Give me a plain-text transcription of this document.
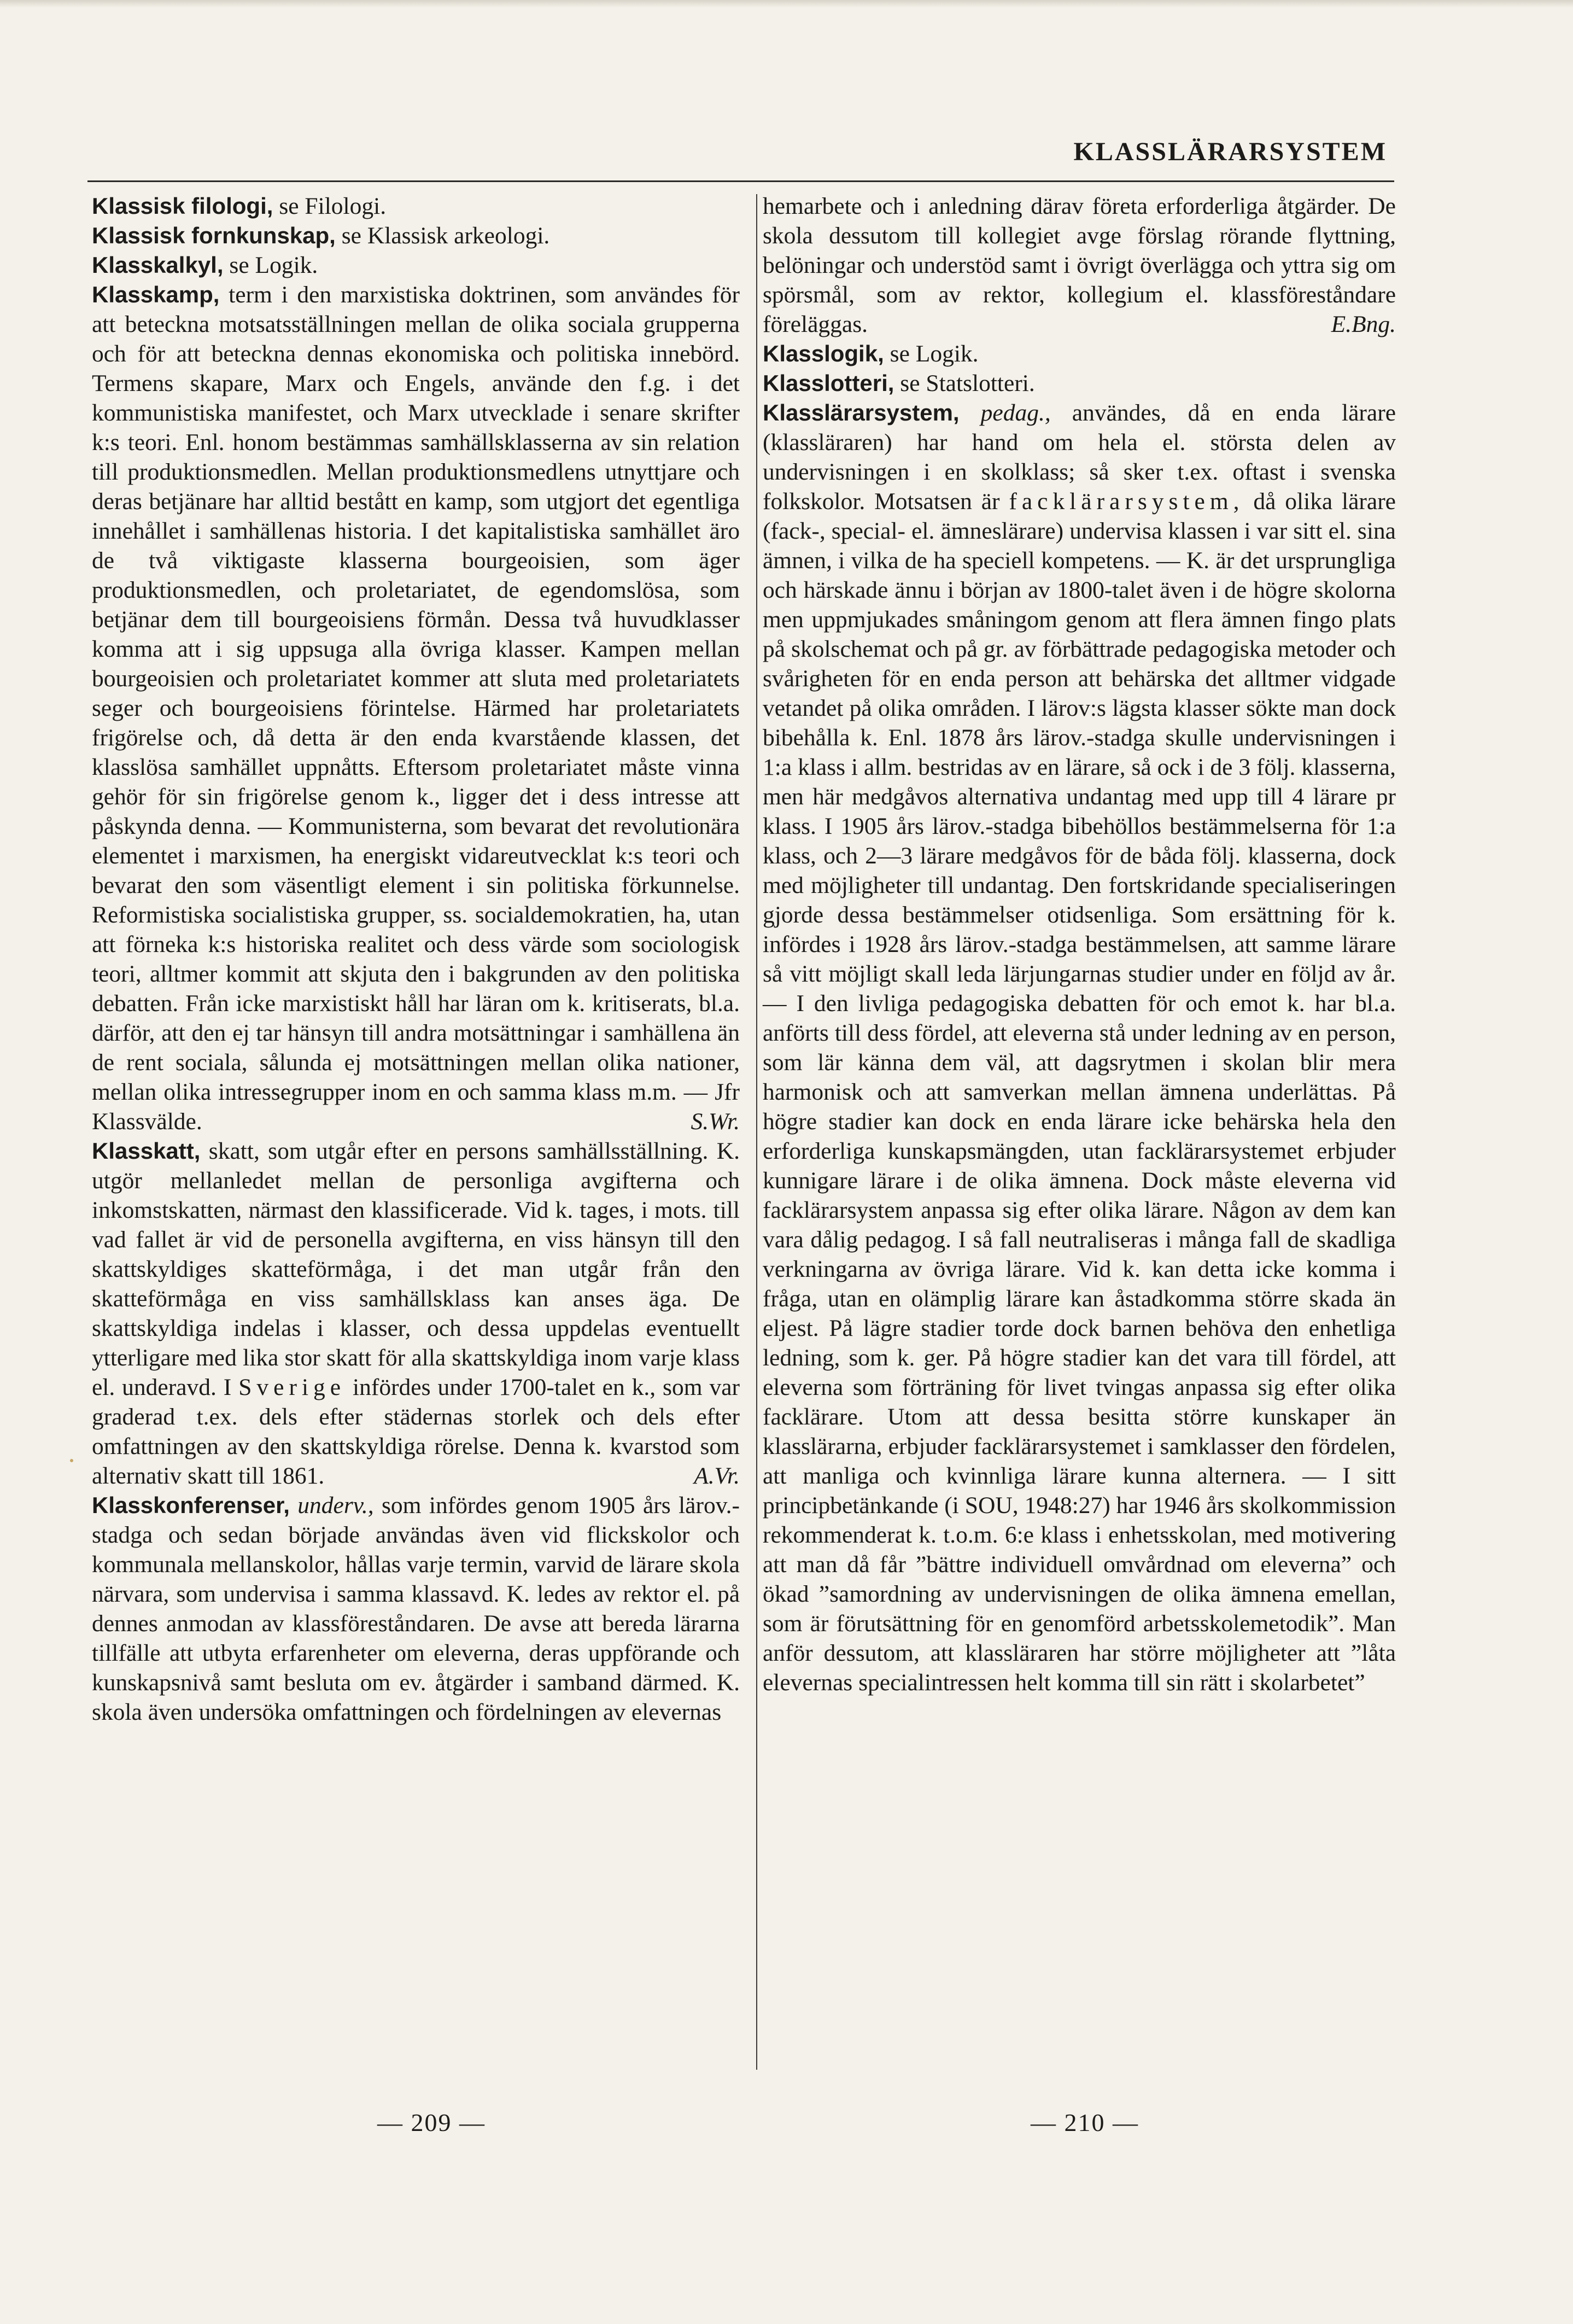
KLASSLÄRARSYSTEM
Klassisk filologi, se Filologi.
Klassisk fornkunskap, se Klassisk arkeologi.
Klasskalkyl, se Logik.
Klasskamp, term i den marxistiska doktrinen, som användes för att beteckna motsatsställningen mellan de olika sociala grupperna och för att beteckna dennas ekonomiska och politiska innebörd. Termens skapare, Marx och Engels, använde den f.g. i det kommunistiska manifestet, och Marx utvecklade i senare skrifter k:s teori. Enl. honom bestämmas samhällsklasserna av sin relation till produktionsmedlen. Mellan produktionsmedlens utnyttjare och deras betjänare har alltid bestått en kamp, som utgjort det egentliga innehållet i samhällenas historia. I det kapitalistiska samhället äro de två viktigaste klasserna bourgeoisien, som äger produktionsmedlen, och proletariatet, de egendomslösa, som betjänar dem till bourgeoisiens förmån. Dessa två huvudklasser komma att i sig uppsuga alla övriga klasser. Kampen mellan bourgeoisien och proletariatet kommer att sluta med proletariatets seger och bourgeoisiens förintelse. Härmed har proletariatets frigörelse och, då detta är den enda kvarstående klassen, det klasslösa samhället uppnåtts. Eftersom proletariatet måste vinna gehör för sin frigörelse genom k., ligger det i dess intresse att påskynda denna. — Kommunisterna, som bevarat det revolutionära elementet i marxismen, ha energiskt vidareutvecklat k:s teori och bevarat den som väsentligt element i sin politiska förkunnelse. Reformistiska socialistiska grupper, ss. socialdemokratien, ha, utan att förneka k:s historiska realitet och dess värde som sociologisk teori, alltmer kommit att skjuta den i bakgrunden av den politiska debatten. Från icke marxistiskt håll har läran om k. kritiserats, bl.a. därför, att den ej tar hänsyn till andra motsättningar i samhällena än de rent sociala, sålunda ej motsättningen mellan olika nationer, mellan olika intressegrupper inom en och samma klass m.m. — Jfr Klassvälde.	S.Wr.
Klasskatt, skatt, som utgår efter en persons samhällsställning. K. utgör mellanledet mellan de personliga avgifterna och inkomstskatten, närmast den klassificerade. Vid k. tages, i mots. till vad fallet är vid de personella avgifterna, en viss hänsyn till den skattskyldiges skatteförmåga, i det man utgår från den skatteförmåga en viss samhällsklass kan anses äga. De skattskyldiga indelas i klasser, och dessa uppdelas eventuellt ytterligare med lika stor skatt för alla skattskyldiga inom varje klass el. underavd. I Sverige infördes under 1700-talet en k., som var graderad t.ex. dels efter städernas storlek och dels efter omfattningen av den skattskyldiga rörelse. Denna k. kvarstod som alternativ skatt till 1861.	A.Vr.
Klasskonferenser, underv., som infördes genom 1905 års lärov.-stadga och sedan började användas även vid flickskolor och kommunala mellanskolor, hållas varje termin, varvid de lärare skola närvara, som undervisa i samma klassavd. K. ledes av rektor el. på dennes anmodan av klassföreståndaren. De avse att bereda lärarna tillfälle att utbyta erfarenheter om eleverna, deras uppförande och kunskapsnivå samt besluta om ev. åtgärder i samband därmed. K. skola även undersöka omfattningen och fördelningen av elevernas
hemarbete och i anledning därav företa erforderliga åtgärder. De skola dessutom till kollegiet avge förslag rörande flyttning, belöningar och understöd samt i övrigt överlägga och yttra sig om spörsmål, som av rektor, kollegium el. klassföreståndare föreläggas.	E.Bng.
Klasslogik, se Logik.
Klasslotteri, se Statslotteri.
Klasslärarsystem, pedag., användes, då en enda lärare (klassläraren) har hand om hela el. största delen av undervisningen i en skolklass; så sker t.ex. oftast i svenska folkskolor. Motsatsen är facklärarsystem, då olika lärare (fack-, special- el. ämneslärare) undervisa klassen i var sitt el. sina ämnen, i vilka de ha speciell kompetens. — K. är det ursprungliga och härskade ännu i början av 1800-talet även i de högre skolorna men uppmjukades småningom genom att flera ämnen fingo plats på skolschemat och på gr. av förbättrade pedagogiska metoder och svårigheten för en enda person att behärska det alltmer vidgade vetandet på olika områden. I lärov:s lägsta klasser sökte man dock bibehålla k. Enl. 1878 års lärov.-stadga skulle undervisningen i 1:a klass i allm. bestridas av en lärare, så ock i de 3 följ. klasserna, men här medgåvos alternativa undantag med upp till 4 lärare pr klass. I 1905 års lärov.-stadga bibehöllos bestämmelserna för 1:a klass, och 2—3 lärare medgåvos för de båda följ. klasserna, dock med möjligheter till undantag. Den fortskridande specialiseringen gjorde dessa bestämmelser otidsenliga. Som ersättning för k. infördes i 1928 års lärov.-stadga bestämmelsen, att samme lärare så vitt möjligt skall leda lärjungarnas studier under en följd av år. — I den livliga pedagogiska debatten för och emot k. har bl.a. anförts till dess fördel, att eleverna stå under ledning av en person, som lär känna dem väl, att dagsrytmen i skolan blir mera harmonisk och att samverkan mellan ämnena underlättas. På högre stadier kan dock en enda lärare icke behärska hela den erforderliga kunskapsmängden, utan facklärarsystemet erbjuder kunnigare lärare i de olika ämnena. Dock måste eleverna vid facklärarsystem anpassa sig efter olika lärare. Någon av dem kan vara dålig pedagog. I så fall neutraliseras i många fall de skadliga verkningarna av övriga lärare. Vid k. kan detta icke komma i fråga, utan en olämplig lärare kan åstadkomma större skada än eljest. På lägre stadier torde dock barnen behöva den enhetliga ledning, som k. ger. På högre stadier kan det vara till fördel, att eleverna som förträning för livet tvingas anpassa sig efter olika facklärare. Utom att dessa besitta större kunskaper än klasslärarna, erbjuder facklärarsystemet i samklasser den fördelen, att manliga och kvinnliga lärare kunna alternera. — I sitt principbetänkande (i SOU, 1948:27) har 1946 års skolkommission rekommenderat k. t.o.m. 6:e klass i enhetsskolan, med motivering att man då får ”bättre individuell omvårdnad om eleverna” och ökad ”samordning av undervisningen de olika ämnena emellan, som är förutsättning för en genomförd arbetsskolemetodik”. Man anför dessutom, att klassläraren har större möjligheter att ”låta elevernas specialintressen helt komma till sin rätt i skolarbetet”
— 209 —	— 210 —
